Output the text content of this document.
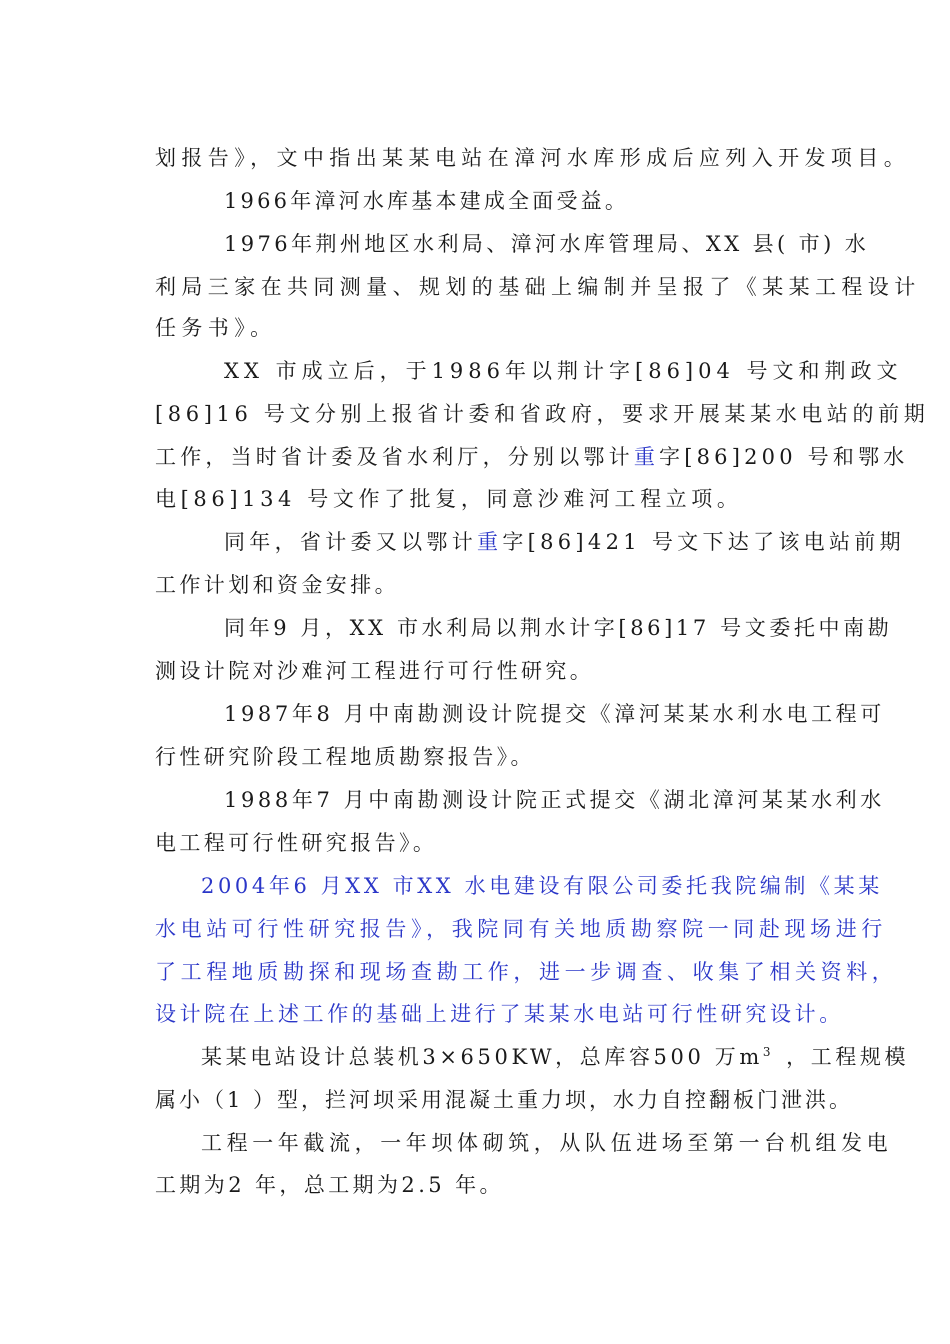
划报告》，文中指出某某电站在漳河水库形成后应列入开发项目。
1966年漳河水库基本建成全面受益。
1976年荆州地区水利局、漳河水库管理局、XX 县( 市) 水
利局三家在共同测量、规划的基础上编制并呈报了《某某工程设计
任务书》。
XX 市成立后，于1986年以荆计字[86]04 号文和荆政文
[86]16 号文分别上报省计委和省政府，要求开展某某水电站的前期
工作，当时省计委及省水利厅，分别以鄂计重字[86]200 号和鄂水
电[86]134 号文作了批复，同意沙难河工程立项。
同年，省计委又以鄂计重字[86]421 号文下达了该电站前期
工作计划和资金安排。
同年9 月，XX 市水利局以荆水计字[86]17 号文委托中南勘
测设计院对沙难河工程进行可行性研究。
1987年8 月中南勘测设计院提交《漳河某某水利水电工程可
行性研究阶段工程地质勘察报告》。
1988年7 月中南勘测设计院正式提交《湖北漳河某某水利水
电工程可行性研究报告》。
2004年6 月XX 市XX 水电建设有限公司委托我院编制《某某
水电站可行性研究报告》，我院同有关地质勘察院一同赴现场进行
了工程地质勘探和现场查勘工作，进一步调查、收集了相关资料，
设计院在上述工作的基础上进行了某某水电站可行性研究设计。
某某电站设计总装机3×650KW，总库容500 万$m^3$ ，工程规模
属小（1 ）型，拦河坝采用混凝土重力坝，水力自控翻板门泄洪。
工程一年截流，一年坝体砌筑，从队伍进场至第一台机组发电
工期为2 年，总工期为2.5 年。
